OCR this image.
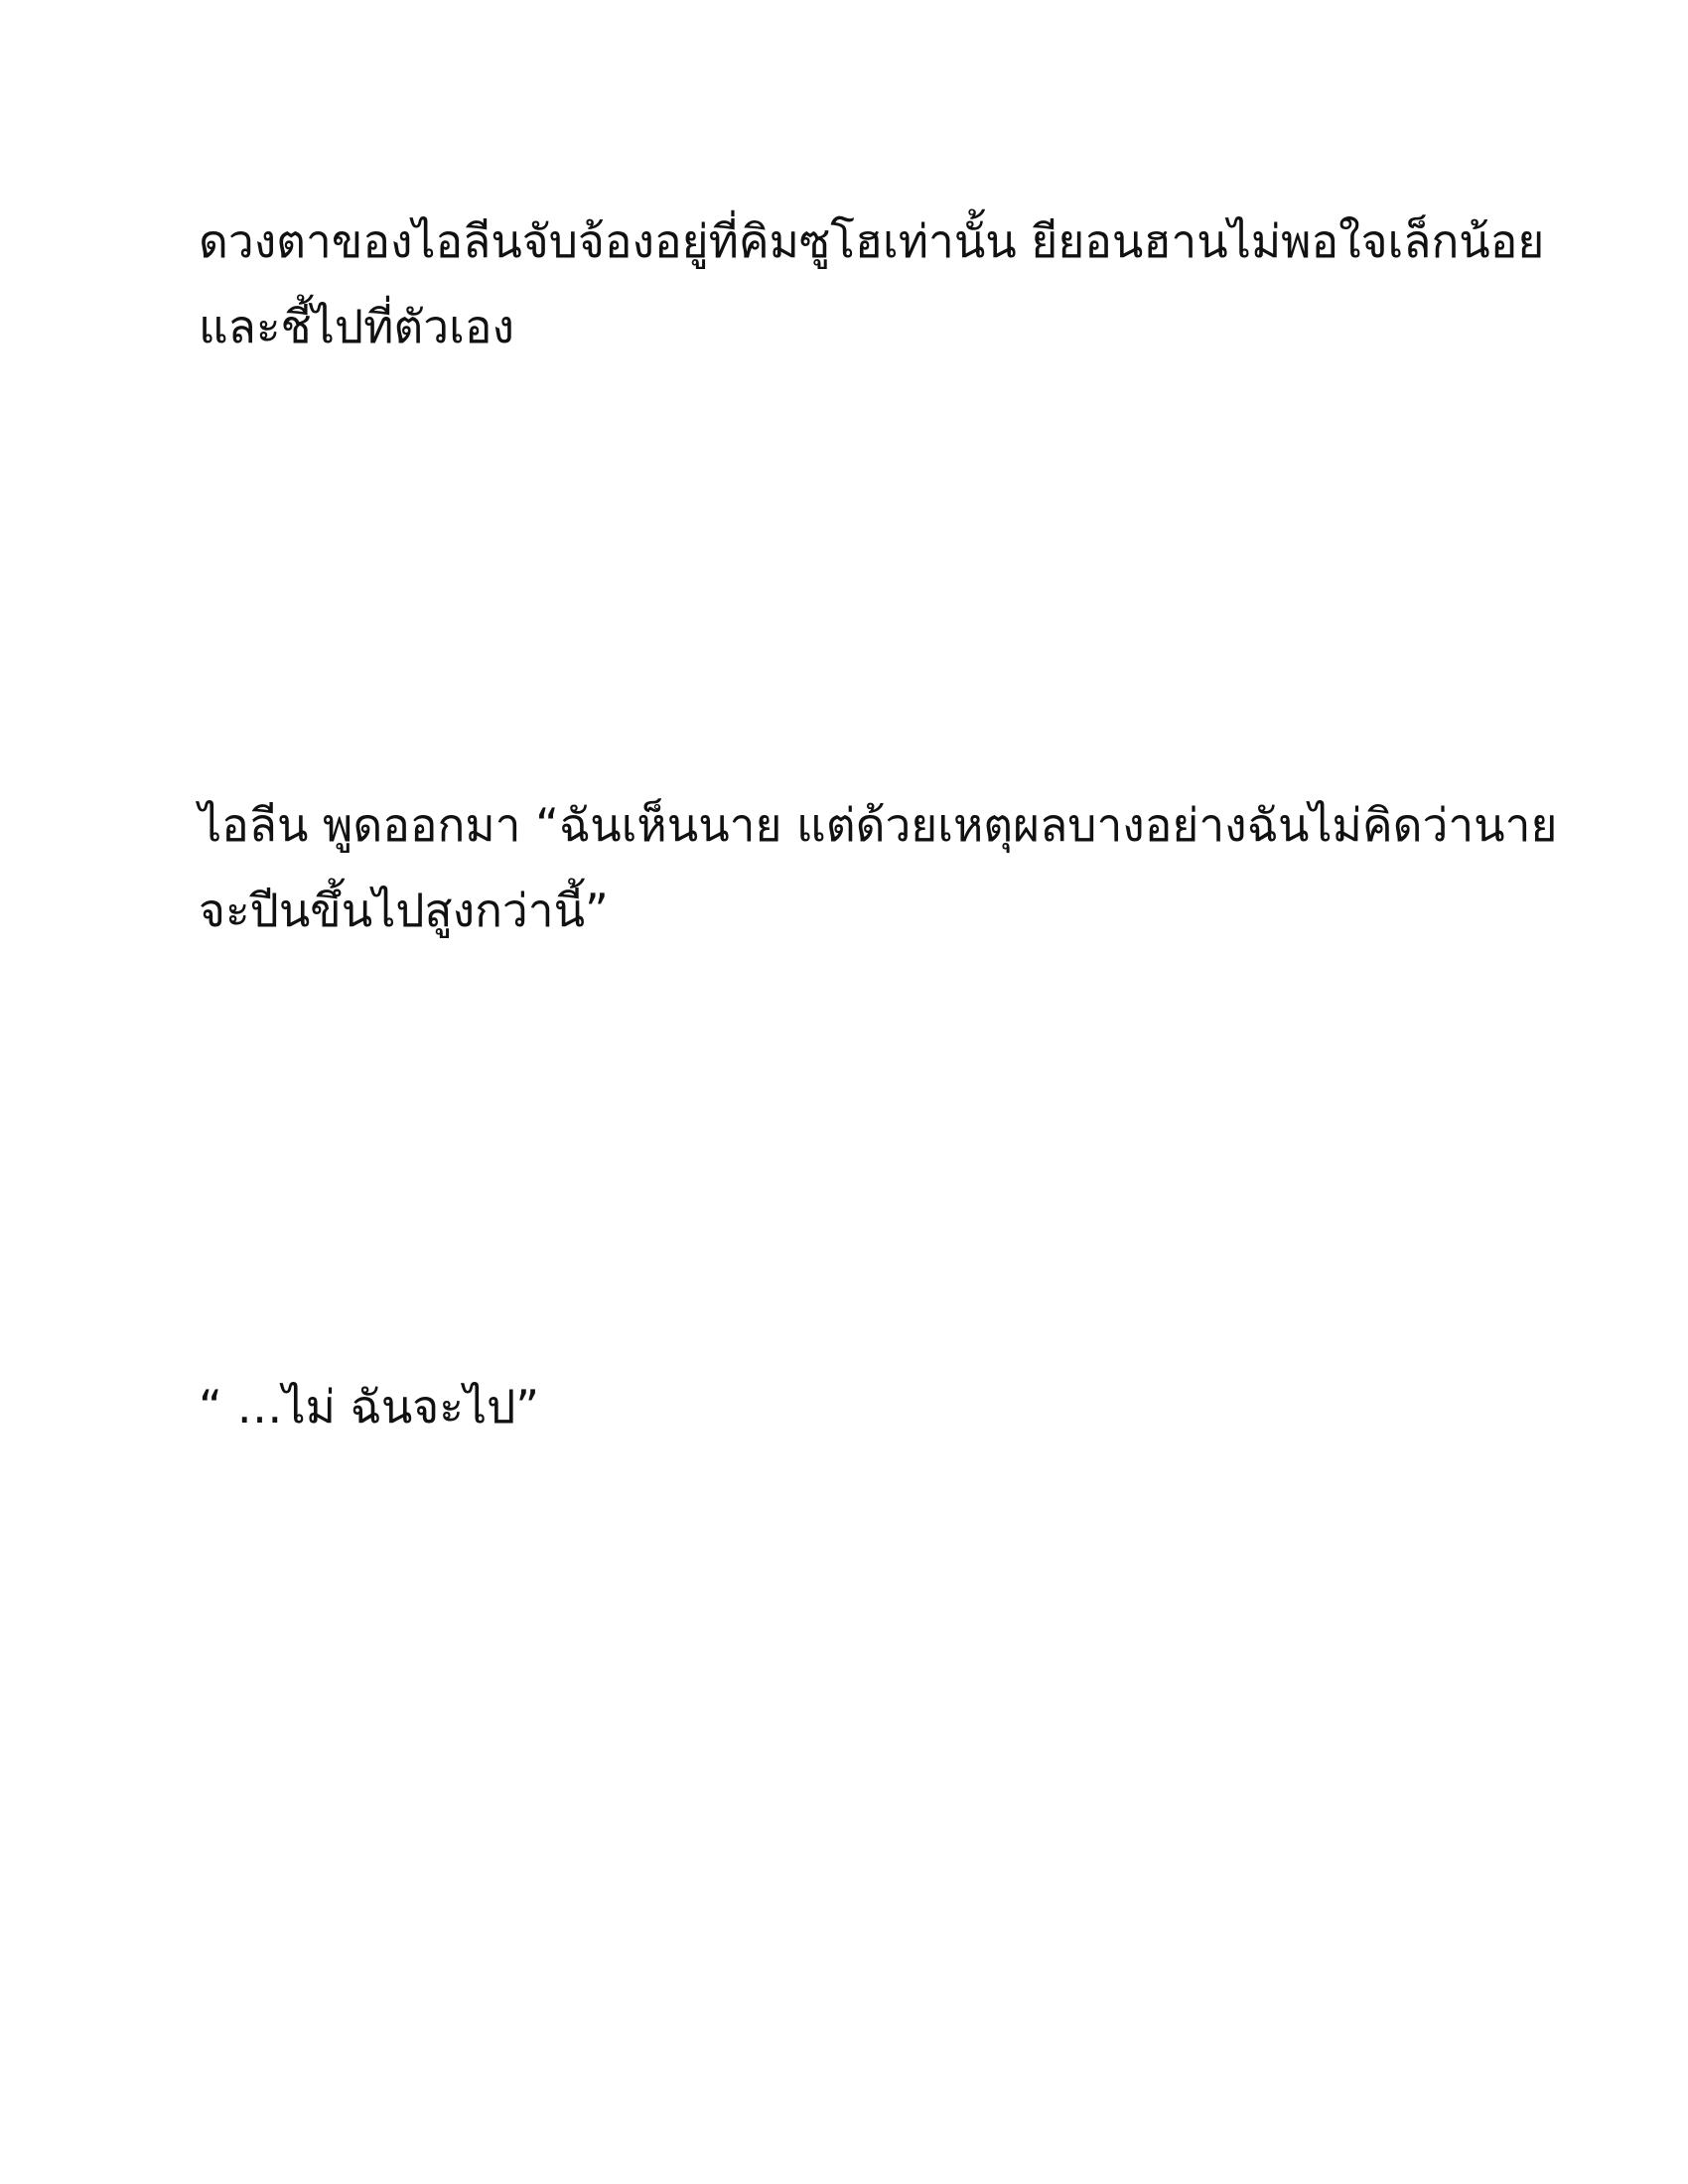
ดวงตาของไอลีนจับจ้องอยู่ที่คิมซูโฮเท่านั้น ยียอนฮานไม่พอใจเล็กน้อย
และชี้ไปที่ตัวเอง

ไอลีน พูดออกมา “ฉันเห็นนาย แต่ด้วยเหตุผลบางอย่างฉันไม่คิดว่านาย
จะปีนขึ้นไปสูงกว่านี้”

“ …ไม่ ฉันจะไป”
